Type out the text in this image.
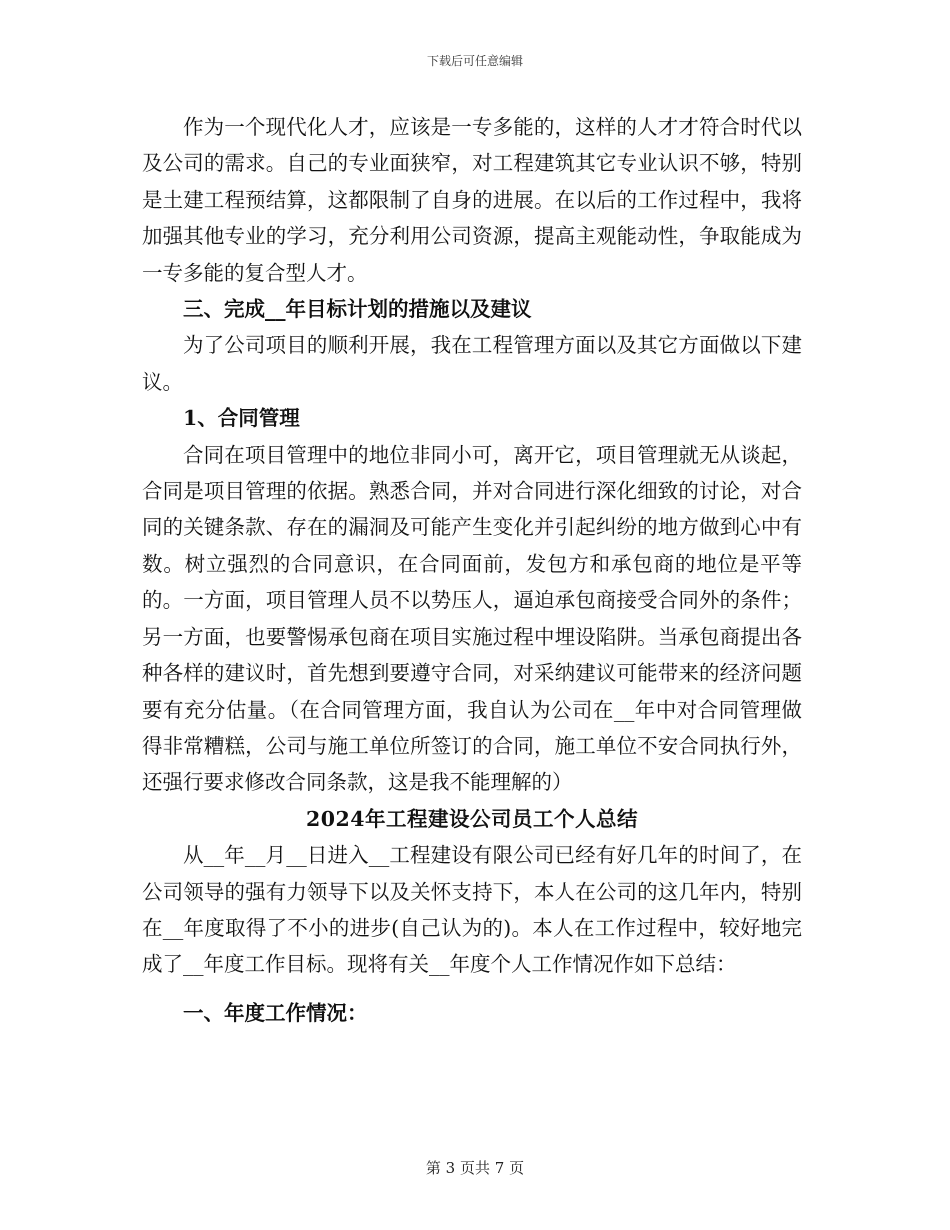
下载后可任意编辑

作为一个现代化人才，应该是一专多能的，这样的人才才符合时代以及公司的需求。自己的专业面狭窄，对工程建筑其它专业认识不够，特别是土建工程预结算，这都限制了自身的进展。在以后的工作过程中，我将加强其他专业的学习，充分利用公司资源，提高主观能动性，争取能成为一专多能的复合型人才。

三、完成__年目标计划的措施以及建议

为了公司项目的顺利开展，我在工程管理方面以及其它方面做以下建议。

1、合同管理

合同在项目管理中的地位非同小可，离开它，项目管理就无从谈起，合同是项目管理的依据。熟悉合同，并对合同进行深化细致的讨论，对合同的关键条款、存在的漏洞及可能产生变化并引起纠纷的地方做到心中有数。树立强烈的合同意识，在合同面前，发包方和承包商的地位是平等的。一方面，项目管理人员不以势压人，逼迫承包商接受合同外的条件；另一方面，也要警惕承包商在项目实施过程中埋设陷阱。当承包商提出各种各样的建议时，首先想到要遵守合同，对采纳建议可能带来的经济问题要有充分估量。（在合同管理方面，我自认为公司在__年中对合同管理做得非常糟糕，公司与施工单位所签订的合同，施工单位不安合同执行外，还强行要求修改合同条款，这是我不能理解的）

2024年工程建设公司员工个人总结

从__年__月__日进入__工程建设有限公司已经有好几年的时间了，在公司领导的强有力领导下以及关怀支持下，本人在公司的这几年内，特别在__年度取得了不小的进步(自己认为的)。本人在工作过程中，较好地完成了__年度工作目标。现将有关__年度个人工作情况作如下总结：

一、年度工作情况：

第 3 页共 7 页
